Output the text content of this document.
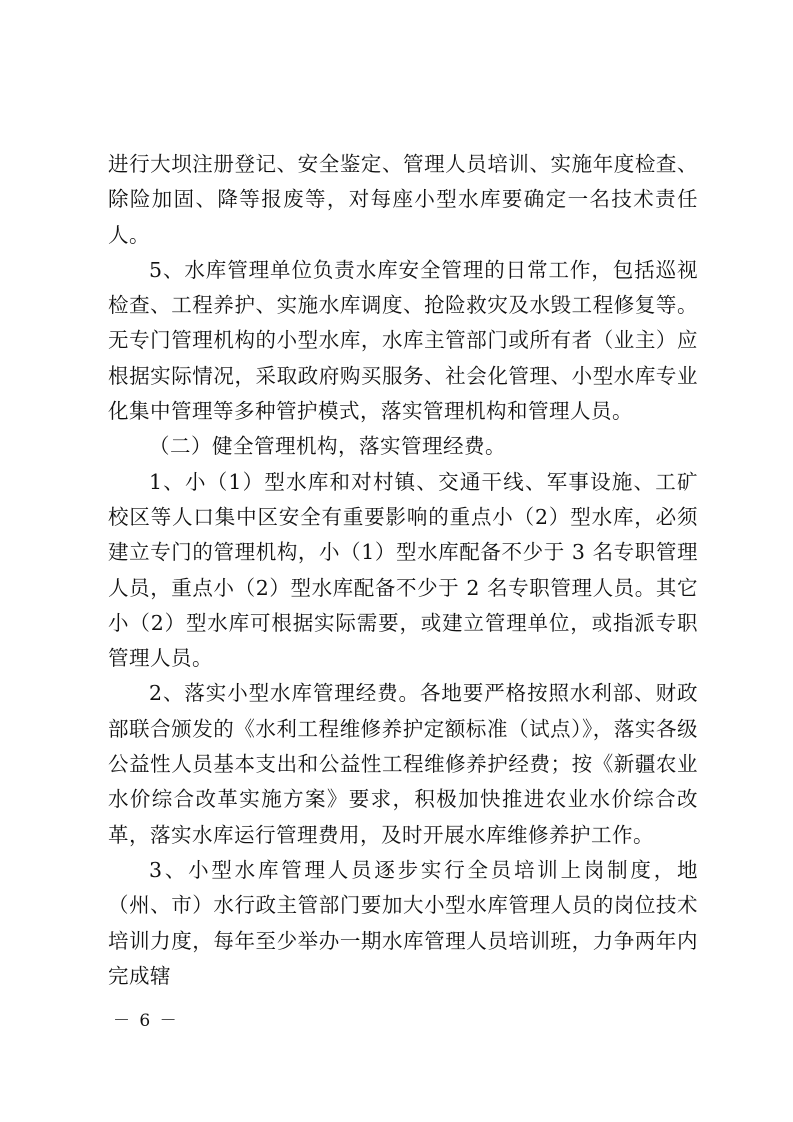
进行大坝注册登记、安全鉴定、管理人员培训、实施年度检查、除险加固、降等报废等，对每座小型水库要确定一名技术责任人。

5、水库管理单位负责水库安全管理的日常工作，包括巡视检查、工程养护、实施水库调度、抢险救灾及水毁工程修复等。无专门管理机构的小型水库，水库主管部门或所有者（业主）应根据实际情况，采取政府购买服务、社会化管理、小型水库专业化集中管理等多种管护模式，落实管理机构和管理人员。

（二）健全管理机构，落实管理经费。

1、小（1）型水库和对村镇、交通干线、军事设施、工矿校区等人口集中区安全有重要影响的重点小（2）型水库，必须建立专门的管理机构，小（1）型水库配备不少于 3 名专职管理人员，重点小（2）型水库配备不少于 2 名专职管理人员。其它小（2）型水库可根据实际需要，或建立管理单位，或指派专职管理人员。

2、落实小型水库管理经费。各地要严格按照水利部、财政部联合颁发的《水利工程维修养护定额标准（试点）》，落实各级公益性人员基本支出和公益性工程维修养护经费；按《新疆农业水价综合改革实施方案》要求，积极加快推进农业水价综合改革，落实水库运行管理费用，及时开展水库维修养护工作。

3、小型水库管理人员逐步实行全员培训上岗制度，地（州、市）水行政主管部门要加大小型水库管理人员的岗位技术培训力度，每年至少举办一期水库管理人员培训班，力争两年内完成辖

－ 6 －
